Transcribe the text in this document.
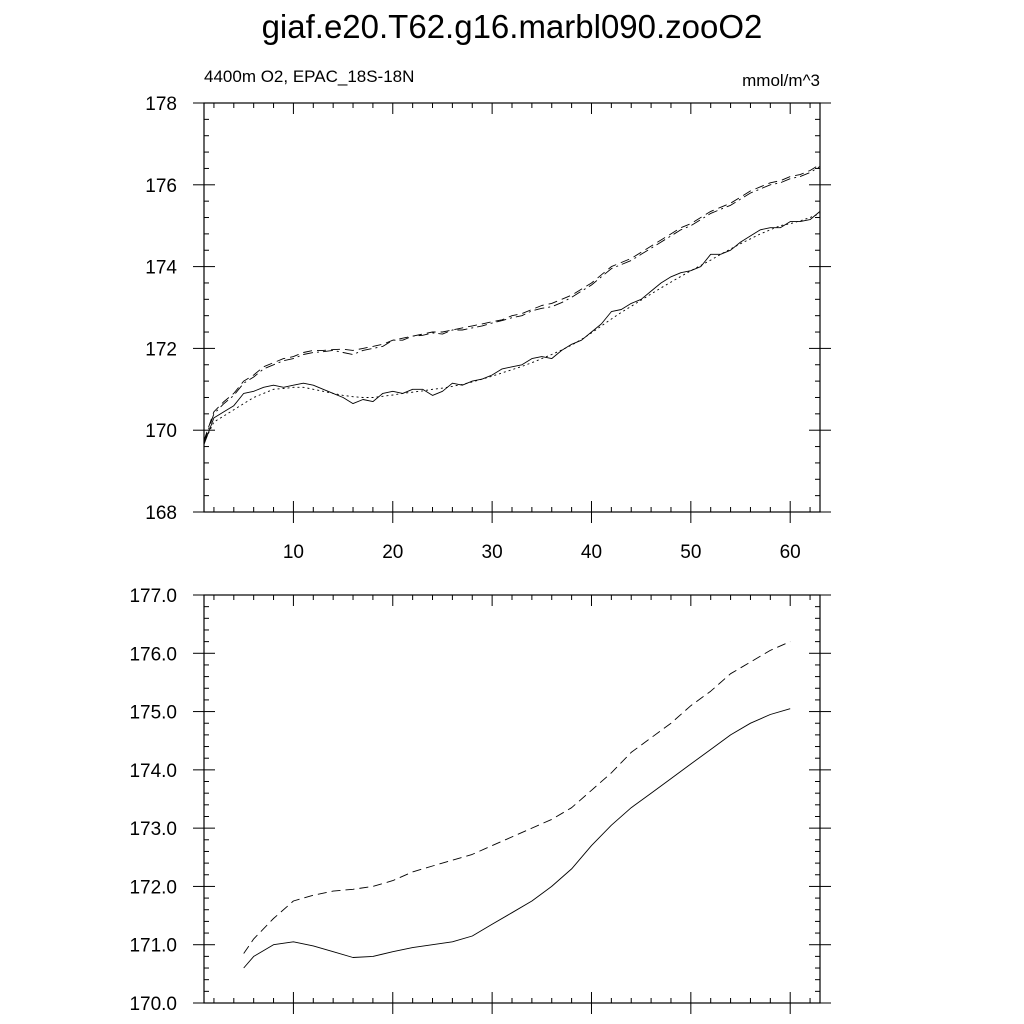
giaf.e20.T62.g16.marbl090.zooO2
4400m O2, EPAC_18S-18N	mmol/m^3
10	20	30	40	50	60
168
170
172
174
176
178
170.0
171.0
172.0
173.0
174.0
175.0
176.0
177.0
